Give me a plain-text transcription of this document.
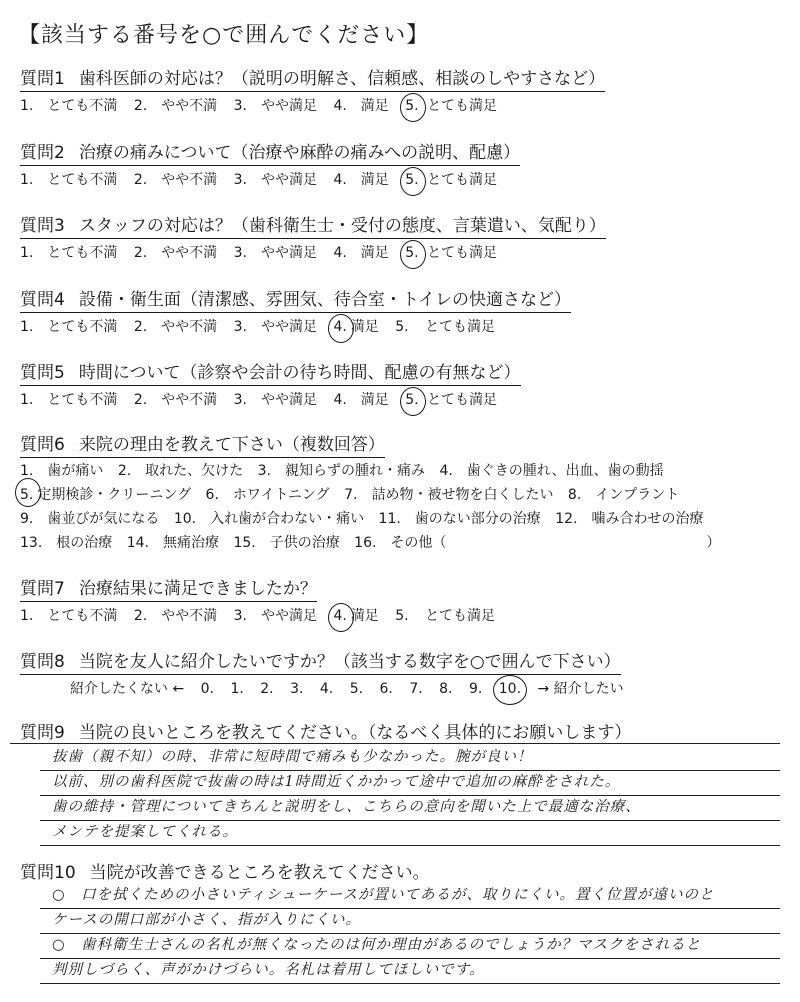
【該当する番号を○で囲んでください】
質問1 歯科医師の対応は？（説明の明解さ、信頼感、相談のしやすさなど）
1.　とても不満 2.　やや不満 3.　やや満足 4.　満足 5. とても満足
質問2 治療の痛みについて（治療や麻酔の痛みへの説明、配慮）
1.　とても不満 2.　やや不満 3.　やや満足 4.　満足 5. とても満足
質問3 スタッフの対応は？（歯科衛生士・受付の態度、言葉遣い、気配り）
1.　とても不満 2.　やや不満 3.　やや満足 4.　満足 5. とても満足
質問4 設備・衛生面（清潔感、雰囲気、待合室・トイレの快適さなど）
1.　とても不満 2.　やや不満 3.　やや満足 4. 満足 5. とても満足
質問5 時間について（診察や会計の待ち時間、配慮の有無など）
1.　とても不満 2.　やや不満 3.　やや満足 4.　満足 5. とても満足
質問6 来院の理由を教えて下さい（複数回答）
1.　歯が痛い 2.　取れた、欠けた 3.　親知らずの腫れ・痛み 4.　歯ぐきの腫れ、出血、歯の動揺
5. 定期検診・クリーニング 6.　ホワイトニング 7.　詰め物・被せ物を白くしたい 8.　インプラント
9.　歯並びが気になる 10.　入れ歯が合わない・痛い 11.　歯のない部分の治療 12.　噛み合わせの治療
13.　根の治療 14.　無痛治療 15.　子供の治療 16.　その他（	）
質問7 治療結果に満足できましたか？
1.　とても不満 2.　やや不満 3.　やや満足 4. 満足 5. とても満足
質問8 当院を友人に紹介したいですか？（該当する数字を○で囲んで下さい）
紹介したくない ← 0. 1. 2. 3. 4. 5. 6. 7. 8. 9. 10. → 紹介したい
質問9 当院の良いところを教えてください。（なるべく具体的にお願いします）
抜歯（親不知）の時、非常に短時間で痛みも少なかった。腕が良い！
以前、別の歯科医院で抜歯の時は1時間近くかかって途中で追加の麻酔をされた。
歯の維持・管理についてきちんと説明をし、こちらの意向を聞いた上で最適な治療、
メンテを提案してくれる。
質問10 当院が改善できるところを教えてください。
○　口を拭くための小さいティシューケースが置いてあるが、取りにくい。置く位置が遠いのと
ケースの開口部が小さく、指が入りにくい。
○　歯科衛生士さんの名札が無くなったのは何か理由があるのでしょうか？マスクをされると
判別しづらく、声がかけづらい。名札は着用してほしいです。
